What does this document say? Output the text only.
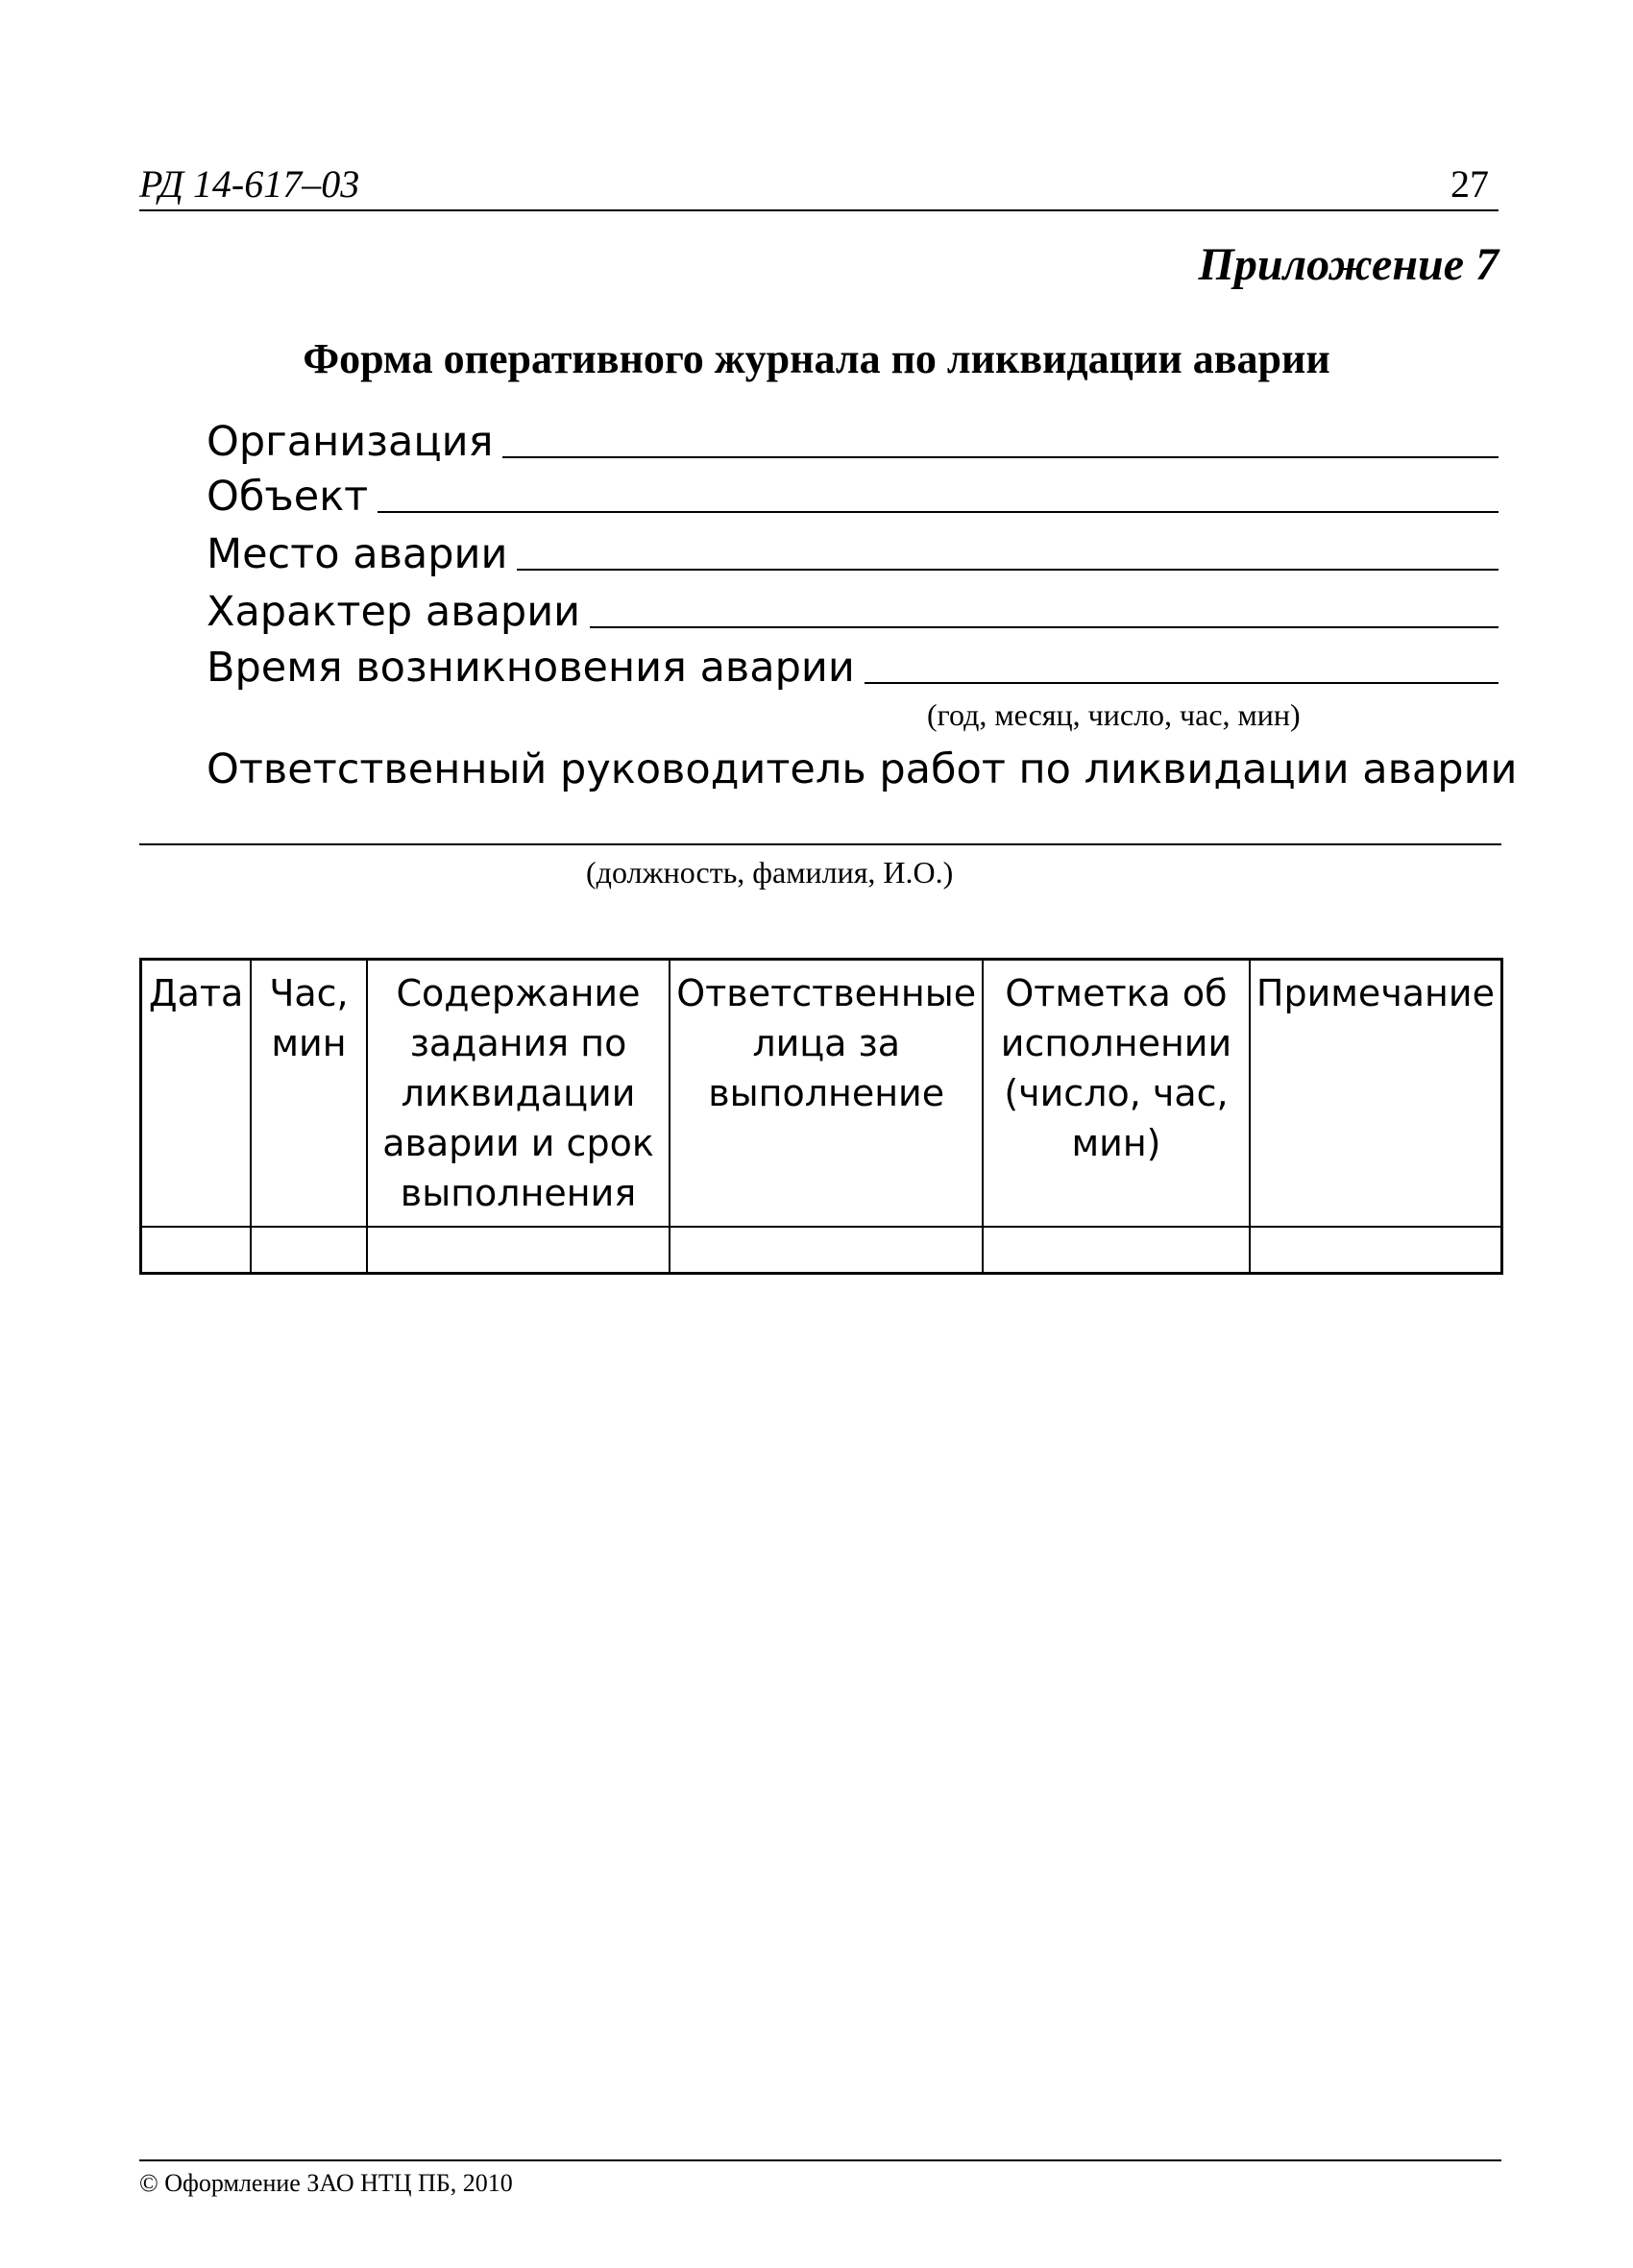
РД 14-617–03	27
Приложение 7
Форма оперативного журнала по ликвидации аварии
Организация
Объект
Место аварии
Характер аварии
Время возникновения аварии
(год, месяц, число, час, мин)
Ответственный руководитель работ по ликвидации аварии
(должность, фамилия, И.О.)
Дата	Час, мин	Содержание задания по ликвидации аварии и срок выполнения	Ответственные лица за выполнение	Отметка об исполнении (число, час, мин)	Примечание

© Оформление ЗАО НТЦ ПБ, 2010
